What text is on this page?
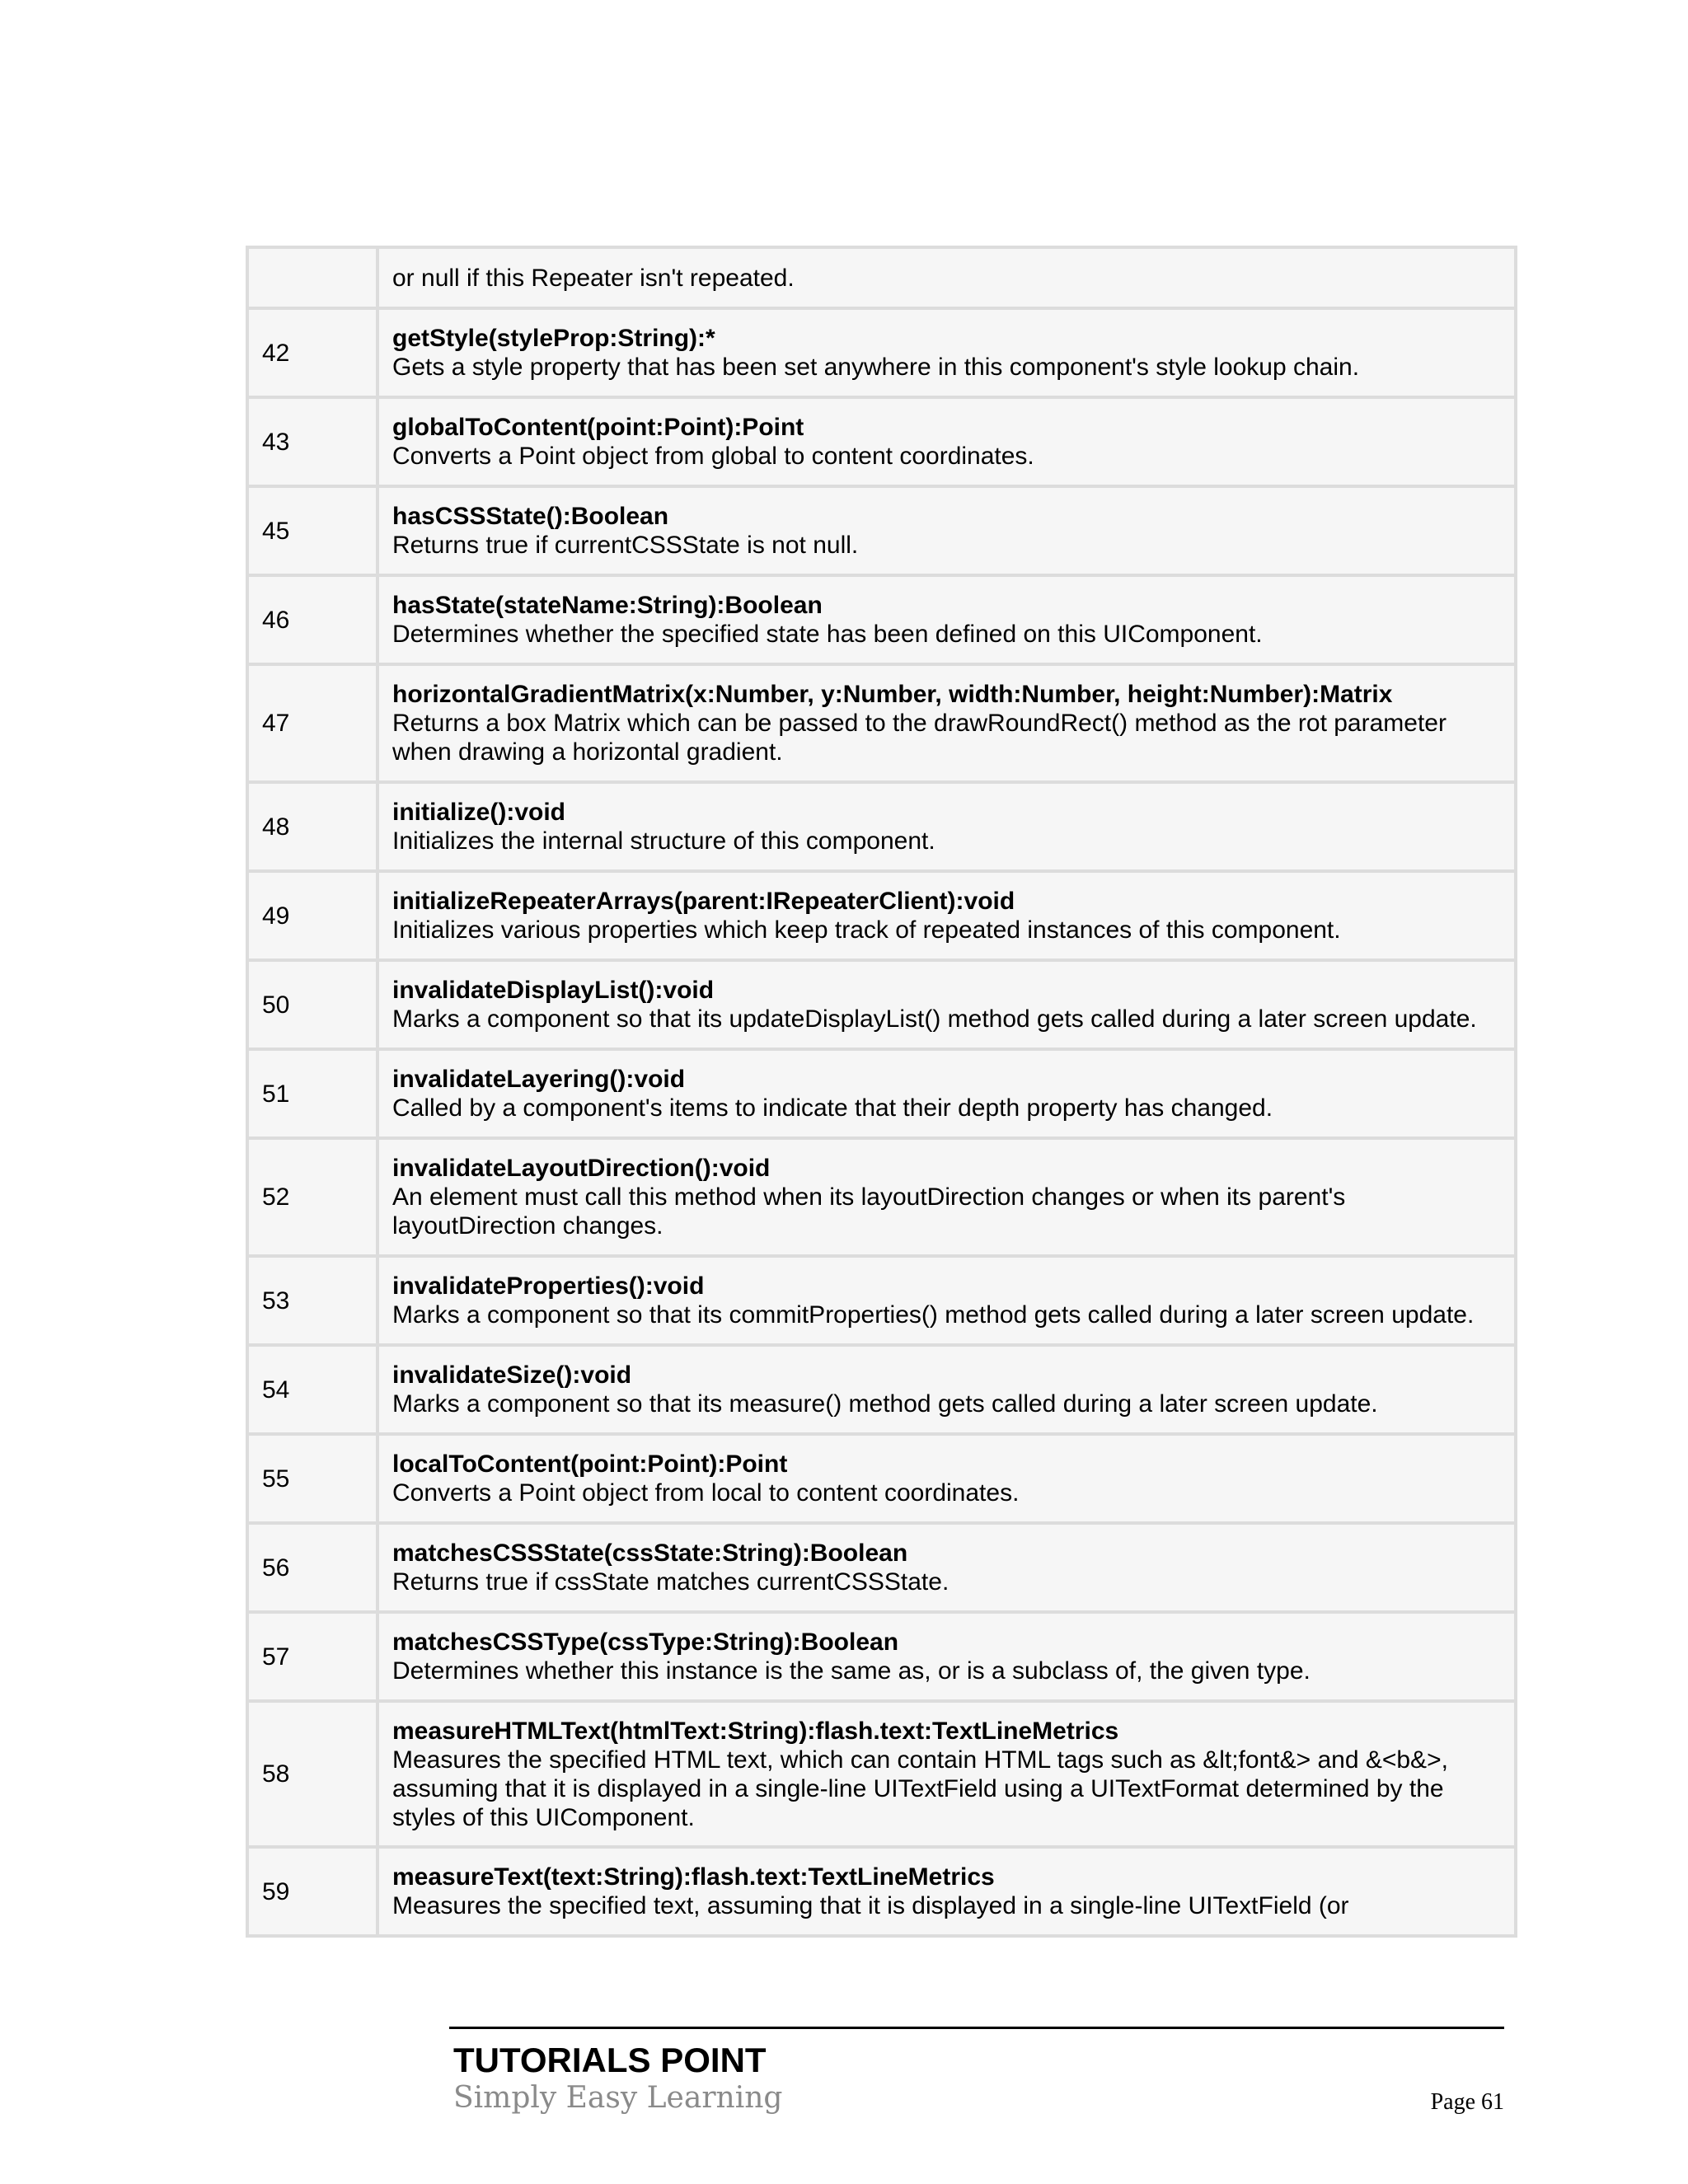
	or null if this Repeater isn't repeated.

42	getStyle(styleProp:String):*
Gets a style property that has been set anywhere in this component's style lookup chain.

43	globalToContent(point:Point):Point
Converts a Point object from global to content coordinates.

45	hasCSSState():Boolean
Returns true if currentCSSState is not null.

46	hasState(stateName:String):Boolean
Determines whether the specified state has been defined on this UIComponent.

47	horizontalGradientMatrix(x:Number, y:Number, width:Number, height:Number):Matrix
Returns a box Matrix which can be passed to the drawRoundRect() method as the rot parameter when drawing a horizontal gradient.

48	initialize():void
Initializes the internal structure of this component.

49	initializeRepeaterArrays(parent:IRepeaterClient):void
Initializes various properties which keep track of repeated instances of this component.

50	invalidateDisplayList():void
Marks a component so that its updateDisplayList() method gets called during a later screen update.

51	invalidateLayering():void
Called by a component's items to indicate that their depth property has changed.

52	invalidateLayoutDirection():void
An element must call this method when its layoutDirection changes or when its parent's layoutDirection changes.

53	invalidateProperties():void
Marks a component so that its commitProperties() method gets called during a later screen update.

54	invalidateSize():void
Marks a component so that its measure() method gets called during a later screen update.

55	localToContent(point:Point):Point
Converts a Point object from local to content coordinates.

56	matchesCSSState(cssState:String):Boolean
Returns true if cssState matches currentCSSState.

57	matchesCSSType(cssType:String):Boolean
Determines whether this instance is the same as, or is a subclass of, the given type.

58	measureHTMLText(htmlText:String):flash.text:TextLineMetrics
Measures the specified HTML text, which can contain HTML tags such as &lt;font&> and &<b&>, assuming that it is displayed in a single-line UITextField using a UITextFormat determined by the styles of this UIComponent.

59	measureText(text:String):flash.text:TextLineMetrics
Measures the specified text, assuming that it is displayed in a single-line UITextField (or
TUTORIALS POINT
Simply Easy Learning	Page 61
